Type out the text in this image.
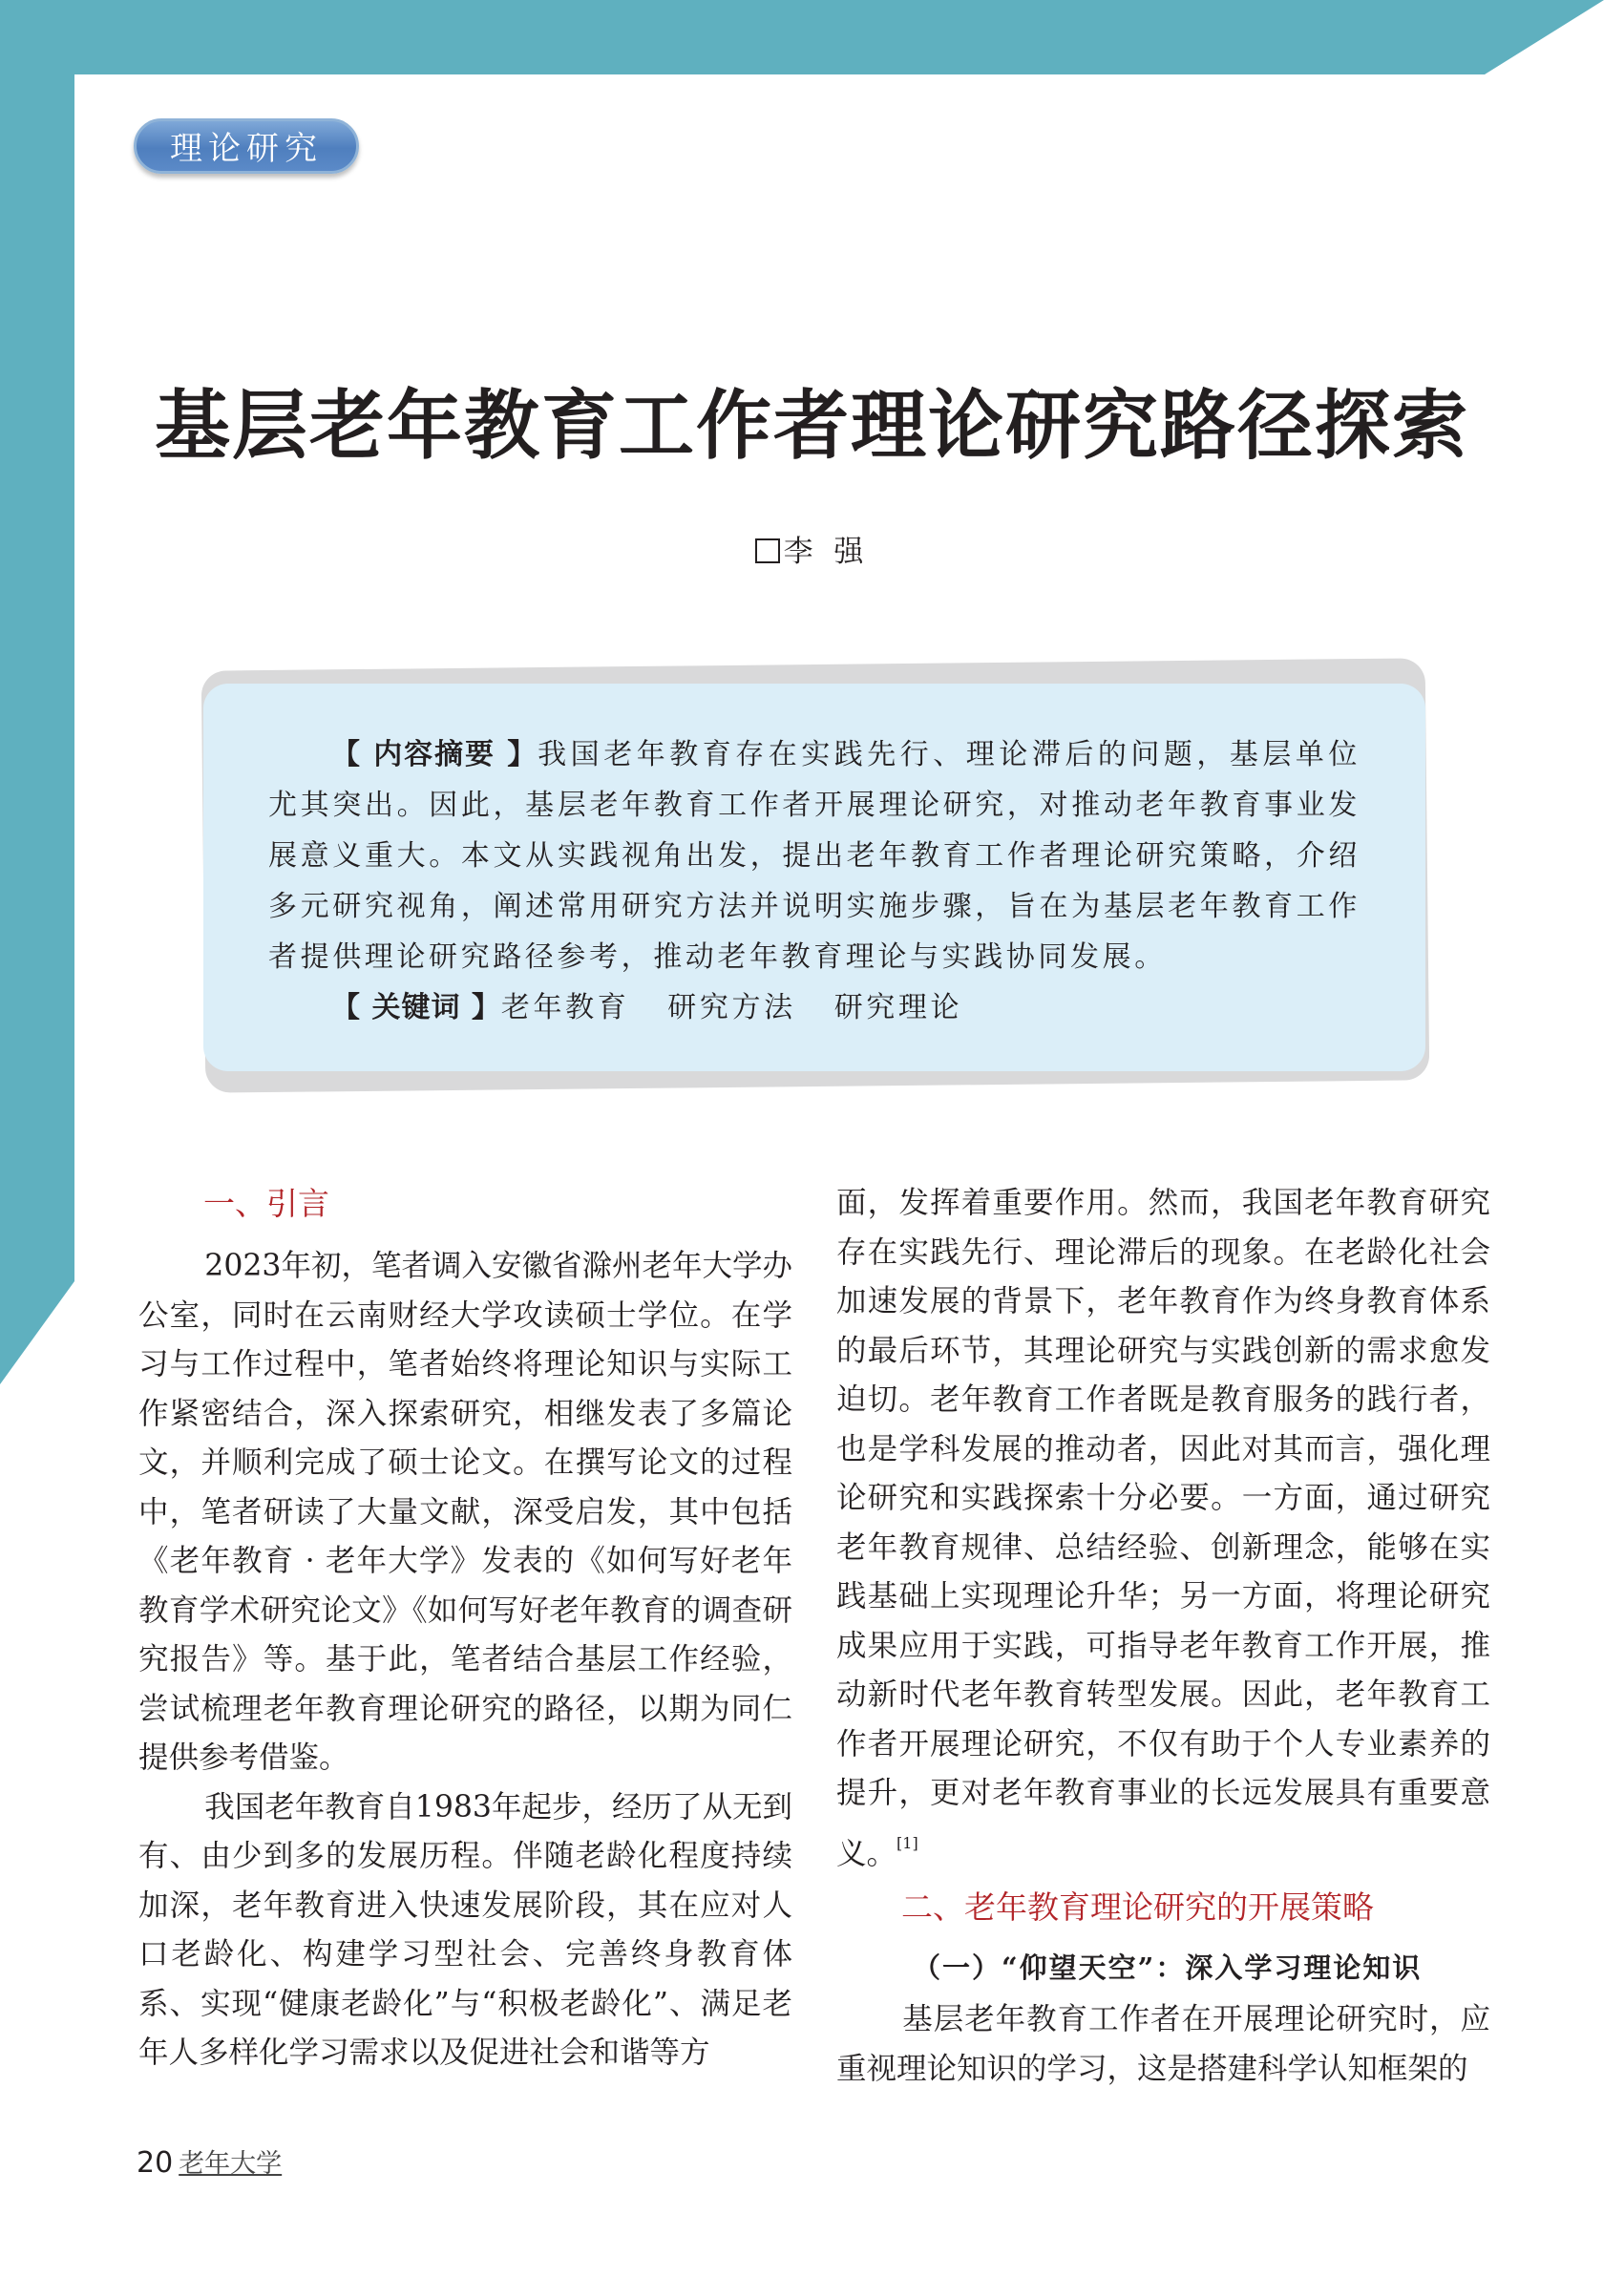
理论研究
基层老年教育工作者理论研究路径探索
李 强

【 内容摘要 】我国老年教育存在实践先行、理论滞后的问题，基层单位尤其突出。因此，基层老年教育工作者开展理论研究，对推动老年教育事业发展意义重大。本文从实践视角出发，提出老年教育工作者理论研究策略，介绍多元研究视角，阐述常用研究方法并说明实施步骤，旨在为基层老年教育工作者提供理论研究路径参考，推动老年教育理论与实践协同发展。

【 关键词 】老年教育 研究方法 研究理论

一、引言

2023年初，笔者调入安徽省滁州老年大学办公室，同时在云南财经大学攻读硕士学位。在学习与工作过程中，笔者始终将理论知识与实际工作紧密结合，深入探索研究，相继发表了多篇论文，并顺利完成了硕士论文。在撰写论文的过程中，笔者研读了大量文献，深受启发，其中包括《老年教育 · 老年大学》发表的《如何写好老年教育学术研究论文》《如何写好老年教育的调查研究报告》等。基于此，笔者结合基层工作经验，尝试梳理老年教育理论研究的路径，以期为同仁提供参考借鉴。

我国老年教育自1983年起步，经历了从无到有、由少到多的发展历程。伴随老龄化程度持续加深，老年教育进入快速发展阶段，其在应对人口老龄化、构建学习型社会、完善终身教育体系、实现“健康老龄化”与“积极老龄化”、满足老年人多样化学习需求以及促进社会和谐等方

面，发挥着重要作用。然而，我国老年教育研究存在实践先行、理论滞后的现象。在老龄化社会加速发展的背景下，老年教育作为终身教育体系的最后环节，其理论研究与实践创新的需求愈发迫切。老年教育工作者既是教育服务的践行者，也是学科发展的推动者，因此对其而言，强化理论研究和实践探索十分必要。一方面，通过研究老年教育规律、总结经验、创新理念，能够在实践基础上实现理论升华；另一方面，将理论研究成果应用于实践，可指导老年教育工作开展，推动新时代老年教育转型发展。因此，老年教育工作者开展理论研究，不仅有助于个人专业素养的提升，更对老年教育事业的长远发展具有重要意义。[1]

二、老年教育理论研究的开展策略
（一）“仰望天空”：深入学习理论知识

基层老年教育工作者在开展理论研究时，应重视理论知识的学习，这是搭建科学认知框架的

20 老年大学
